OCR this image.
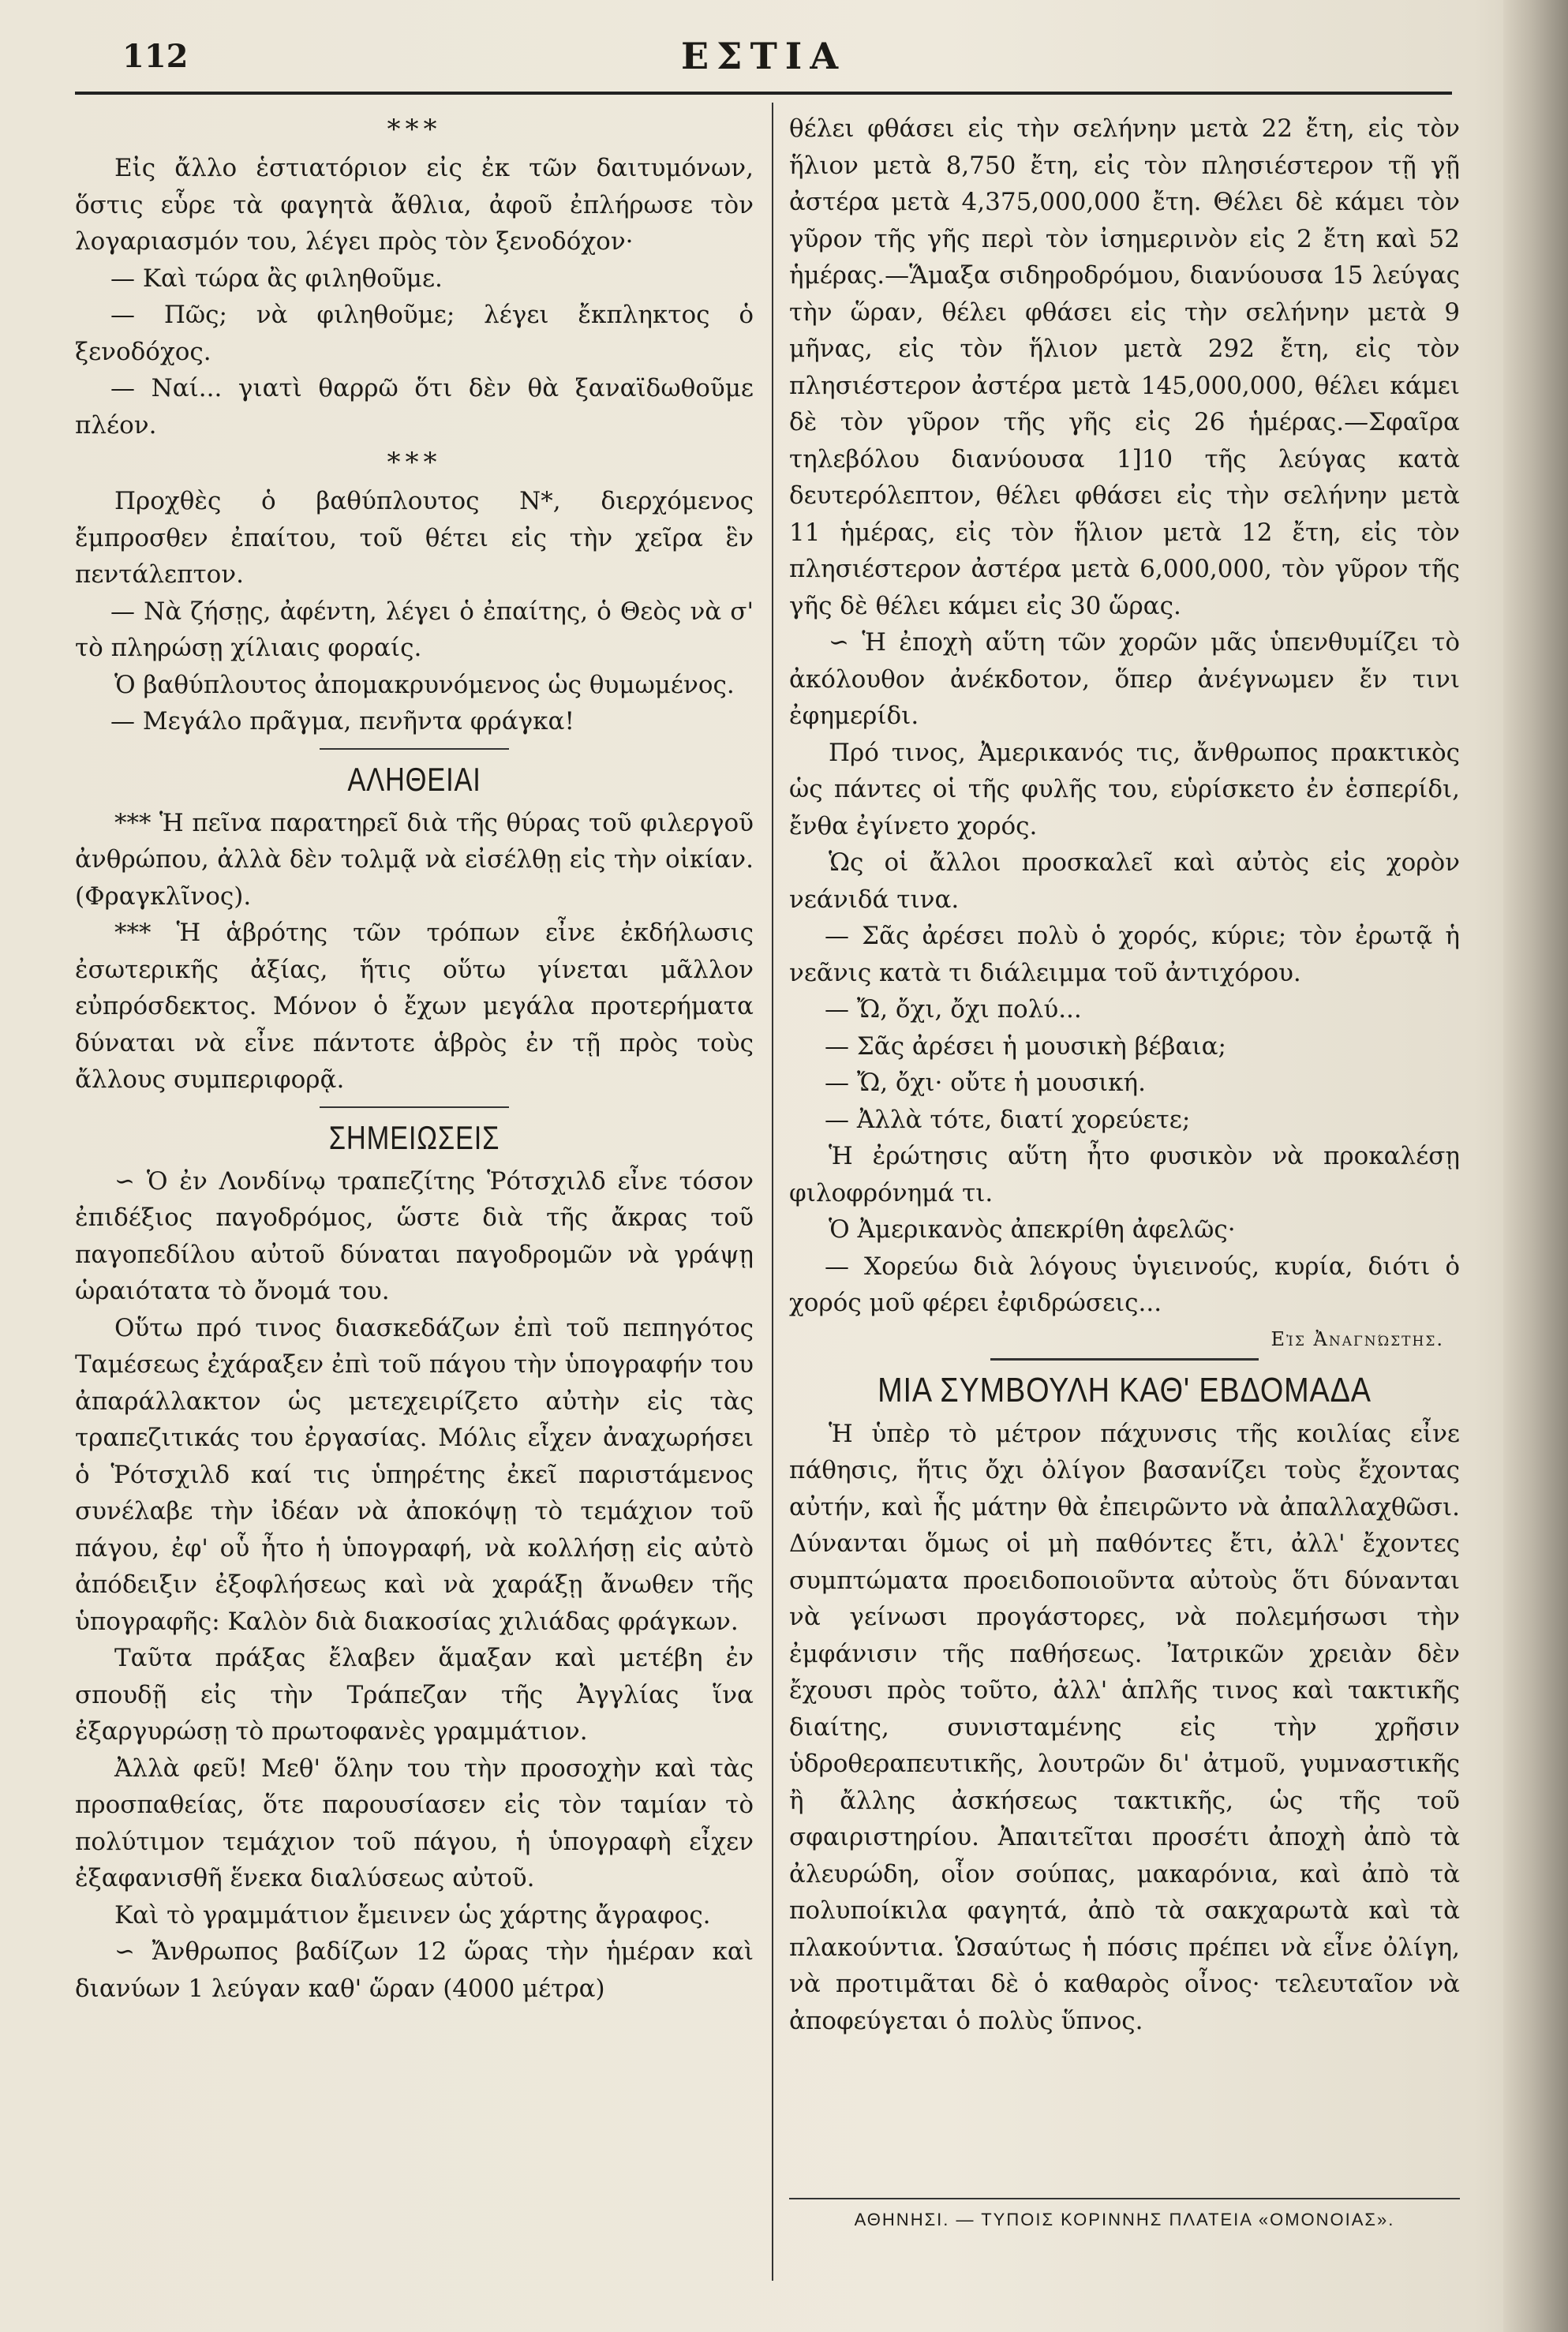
112	ΕΣΤΙΑ
***

Εἰς ἄλλο ἑστιατόριον εἰς ἐκ τῶν δαιτυμόνων, ὅστις εὗρε τὰ φαγητὰ ἄθλια, ἀφοῦ ἐπλήρωσε τὸν λογαριασμόν του, λέγει πρὸς τὸν ξενοδόχον·

— Καὶ τώρα ἂς φιληθοῦμε.

— Πῶς; νὰ φιληθοῦμε; λέγει ἔκπληκτος ὁ ξενοδόχος.

— Ναί... γιατὶ θαρρῶ ὅτι δὲν θὰ ξαναϊδωθοῦμε πλέον.

***

Προχθὲς ὁ βαθύπλουτος Ν*, διερχόμενος ἔμπροσθεν ἐπαίτου, τοῦ θέτει εἰς τὴν χεῖρα ἓν πεντάλεπτον.

— Νὰ ζήσῃς, ἀφέντη, λέγει ὁ ἐπαίτης, ὁ Θεὸς νὰ σ' τὸ πληρώσῃ χίλιαις φοραίς.

Ὁ βαθύπλουτος ἀπομακρυνόμενος ὡς θυμωμένος.

— Μεγάλο πρᾶγμα, πενῆντα φράγκα!

ΑΛΗΘΕΙΑΙ

*** Ἡ πεῖνα παρατηρεῖ διὰ τῆς θύρας τοῦ φιλεργοῦ ἀνθρώπου, ἀλλὰ δὲν τολμᾷ νὰ εἰσέλθῃ εἰς τὴν οἰκίαν. (Φραγκλῖνος).

*** Ἡ ἁβρότης τῶν τρόπων εἶνε ἐκδήλωσις ἐσωτερικῆς ἀξίας, ἥτις οὕτω γίνεται μᾶλλον εὐπρόσδεκτος. Μόνον ὁ ἔχων μεγάλα προτερήματα δύναται νὰ εἶνε πάντοτε ἁβρὸς ἐν τῇ πρὸς τοὺς ἄλλους συμπεριφορᾷ.

ΣΗΜΕΙΩΣΕΙΣ

∽ Ὁ ἐν Λονδίνῳ τραπεζίτης Ῥότσχιλδ εἶνε τόσον ἐπιδέξιος παγοδρόμος, ὥστε διὰ τῆς ἄκρας τοῦ παγοπεδίλου αὐτοῦ δύναται παγοδρομῶν νὰ γράψῃ ὡραιότατα τὸ ὄνομά του.

Οὕτω πρό τινος διασκεδάζων ἐπὶ τοῦ πεπηγότος Ταμέσεως ἐχάραξεν ἐπὶ τοῦ πάγου τὴν ὑπογραφήν του ἀπαράλλακτον ὡς μετεχειρίζετο αὐτὴν εἰς τὰς τραπεζιτικάς του ἐργασίας. Μόλις εἶχεν ἀναχωρήσει ὁ Ῥότσχιλδ καί τις ὑπηρέτης ἐκεῖ παριστάμενος συνέλαβε τὴν ἰδέαν νὰ ἀποκόψῃ τὸ τεμάχιον τοῦ πάγου, ἐφ' οὗ ἦτο ἡ ὑπογραφή, νὰ κολλήσῃ εἰς αὐτὸ ἀπόδειξιν ἐξοφλήσεως καὶ νὰ χαράξῃ ἄνωθεν τῆς ὑπογραφῆς: Καλὸν διὰ διακοσίας χιλιάδας φράγκων.

Ταῦτα πράξας ἔλαβεν ἅμαξαν καὶ μετέβη ἐν σπουδῇ εἰς τὴν Τράπεζαν τῆς Ἀγγλίας ἵνα ἐξαργυρώσῃ τὸ πρωτοφανὲς γραμμάτιον.

Ἀλλὰ φεῦ! Μεθ' ὅλην του τὴν προσοχὴν καὶ τὰς προσπαθείας, ὅτε παρουσίασεν εἰς τὸν ταμίαν τὸ πολύτιμον τεμάχιον τοῦ πάγου, ἡ ὑπογραφὴ εἶχεν ἐξαφανισθῆ ἕνεκα διαλύσεως αὐτοῦ.

Καὶ τὸ γραμμάτιον ἔμεινεν ὡς χάρτης ἄγραφος.

∽ Ἄνθρωπος βαδίζων 12 ὥρας τὴν ἡμέραν καὶ διανύων 1 λεύγαν καθ' ὥραν (4000 μέτρα)

θέλει φθάσει εἰς τὴν σελήνην μετὰ 22 ἔτη, εἰς τὸν ἥλιον μετὰ 8,750 ἔτη, εἰς τὸν πλησιέστερον τῇ γῇ ἀστέρα μετὰ 4,375,000,000 ἔτη. Θέλει δὲ κάμει τὸν γῦρον τῆς γῆς περὶ τὸν ἰσημερινὸν εἰς 2 ἔτη καὶ 52 ἡμέρας.—Ἅμαξα σιδηροδρόμου, διανύουσα 15 λεύγας τὴν ὥραν, θέλει φθάσει εἰς τὴν σελήνην μετὰ 9 μῆνας, εἰς τὸν ἥλιον μετὰ 292 ἔτη, εἰς τὸν πλησιέστερον ἀστέρα μετὰ 145,000,000, θέλει κάμει δὲ τὸν γῦρον τῆς γῆς εἰς 26 ἡμέρας.—Σφαῖρα τηλεβόλου διανύουσα 1]10 τῆς λεύγας κατὰ δευτερόλεπτον, θέλει φθάσει εἰς τὴν σελήνην μετὰ 11 ἡμέρας, εἰς τὸν ἥλιον μετὰ 12 ἔτη, εἰς τὸν πλησιέστερον ἀστέρα μετὰ 6,000,000, τὸν γῦρον τῆς γῆς δὲ θέλει κάμει εἰς 30 ὥρας.

∽ Ἡ ἐποχὴ αὕτη τῶν χορῶν μᾶς ὑπενθυμίζει τὸ ἀκόλουθον ἀνέκδοτον, ὅπερ ἀνέγνωμεν ἔν τινι ἐφημερίδι.

Πρό τινος, Ἀμερικανός τις, ἄνθρωπος πρακτικὸς ὡς πάντες οἱ τῆς φυλῆς του, εὑρίσκετο ἐν ἑσπερίδι, ἔνθα ἐγίνετο χορός.

Ὡς οἱ ἄλλοι προσκαλεῖ καὶ αὐτὸς εἰς χορὸν νεάνιδά τινα.

— Σᾶς ἀρέσει πολὺ ὁ χορός, κύριε; τὸν ἐρωτᾷ ἡ νεᾶνις κατὰ τι διάλειμμα τοῦ ἀντιχόρου.

— Ὤ, ὄχι, ὄχι πολύ...

— Σᾶς ἀρέσει ἡ μουσικὴ βέβαια;

— Ὤ, ὄχι· οὔτε ἡ μουσική.

— Ἀλλὰ τότε, διατί χορεύετε;

Ἡ ἐρώτησις αὕτη ἦτο φυσικὸν νὰ προκαλέσῃ φιλοφρόνημά τι.

Ὁ Ἀμερικανὸς ἀπεκρίθη ἀφελῶς·

— Χορεύω διὰ λόγους ὑγιεινούς, κυρία, διότι ὁ χορός μοῦ φέρει ἐφιδρώσεις...

Εἰς Ἀναγνώστης.
ΜΙΑ ΣΥΜΒΟΥΛΗ ΚΑΘ' ΕΒΔΟΜΑΔΑ

Ἡ ὑπὲρ τὸ μέτρον πάχυνσις τῆς κοιλίας εἶνε πάθησις, ἥτις ὄχι ὀλίγον βασανίζει τοὺς ἔχοντας αὐτήν, καὶ ἧς μάτην θὰ ἐπειρῶντο νὰ ἀπαλλαχθῶσι. Δύνανται ὅμως οἱ μὴ παθόντες ἔτι, ἀλλ' ἔχοντες συμπτώματα προειδοποιοῦντα αὐτοὺς ὅτι δύνανται νὰ γείνωσι προγάστορες, νὰ πολεμήσωσι τὴν ἐμφάνισιν τῆς παθήσεως. Ἰατρικῶν χρειὰν δὲν ἔχουσι πρὸς τοῦτο, ἀλλ' ἁπλῆς τινος καὶ τακτικῆς διαίτης, συνισταμένης εἰς τὴν χρῆσιν ὑδροθεραπευτικῆς, λουτρῶν δι' ἀτμοῦ, γυμναστικῆς ἢ ἄλλης ἀσκήσεως τακτικῆς, ὡς τῆς τοῦ σφαιριστηρίου. Ἀπαιτεῖται προσέτι ἀποχὴ ἀπὸ τὰ ἀλευρώδη, οἷον σούπας, μακαρόνια, καὶ ἀπὸ τὰ πολυποίκιλα φαγητά, ἀπὸ τὰ σακχαρωτὰ καὶ τὰ πλακούντια. Ὡσαύτως ἡ πόσις πρέπει νὰ εἶνε ὀλίγη, νὰ προτιμᾶται δὲ ὁ καθαρὸς οἶνος· τελευταῖον νὰ ἀποφεύγεται ὁ πολὺς ὕπνος.

ΑΘΗΝΗΣΙ. — ΤΥΠΟΙΣ ΚΟΡΙΝΝΗΣ ΠΛΑΤΕΙΑ «ΟΜΟΝΟΙΑΣ».
